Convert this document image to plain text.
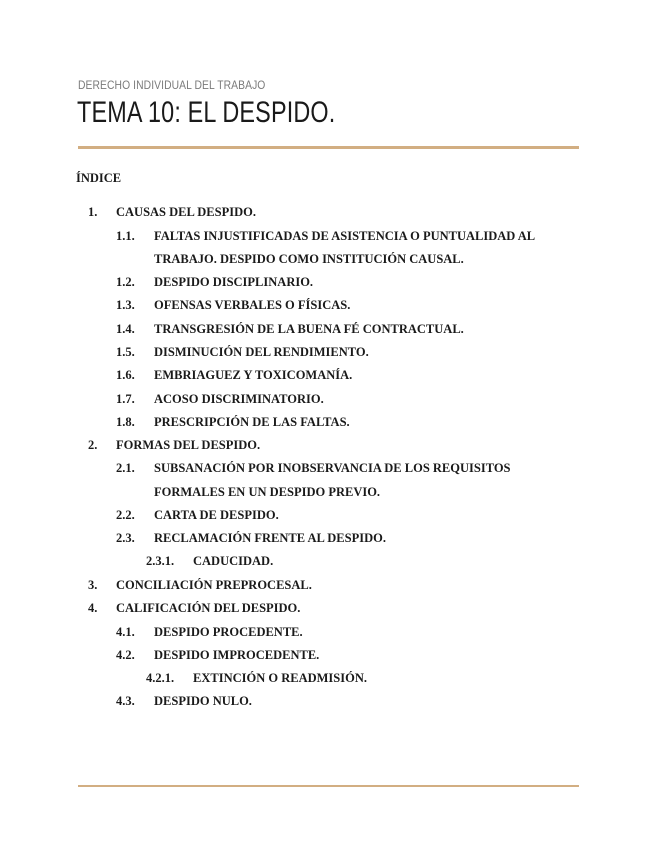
DERECHO INDIVIDUAL DEL TRABAJO
TEMA 10: EL DESPIDO.
ÍNDICE
1. CAUSAS DEL DESPIDO.
1.1. FALTAS INJUSTIFICADAS DE ASISTENCIA O PUNTUALIDAD AL
TRABAJO. DESPIDO COMO INSTITUCIÓN CAUSAL.
1.2. DESPIDO DISCIPLINARIO.
1.3. OFENSAS VERBALES O FÍSICAS.
1.4. TRANSGRESIÓN DE LA BUENA FÉ CONTRACTUAL.
1.5. DISMINUCIÓN DEL RENDIMIENTO.
1.6. EMBRIAGUEZ Y TOXICOMANÍA.
1.7. ACOSO DISCRIMINATORIO.
1.8. PRESCRIPCIÓN DE LAS FALTAS.
2. FORMAS DEL DESPIDO.
2.1. SUBSANACIÓN POR INOBSERVANCIA DE LOS REQUISITOS
FORMALES EN UN DESPIDO PREVIO.
2.2. CARTA DE DESPIDO.
2.3. RECLAMACIÓN FRENTE AL DESPIDO.
2.3.1. CADUCIDAD.
3. CONCILIACIÓN PREPROCESAL.
4. CALIFICACIÓN DEL DESPIDO.
4.1. DESPIDO PROCEDENTE.
4.2. DESPIDO IMPROCEDENTE.
4.2.1. EXTINCIÓN O READMISIÓN.
4.3. DESPIDO NULO.
